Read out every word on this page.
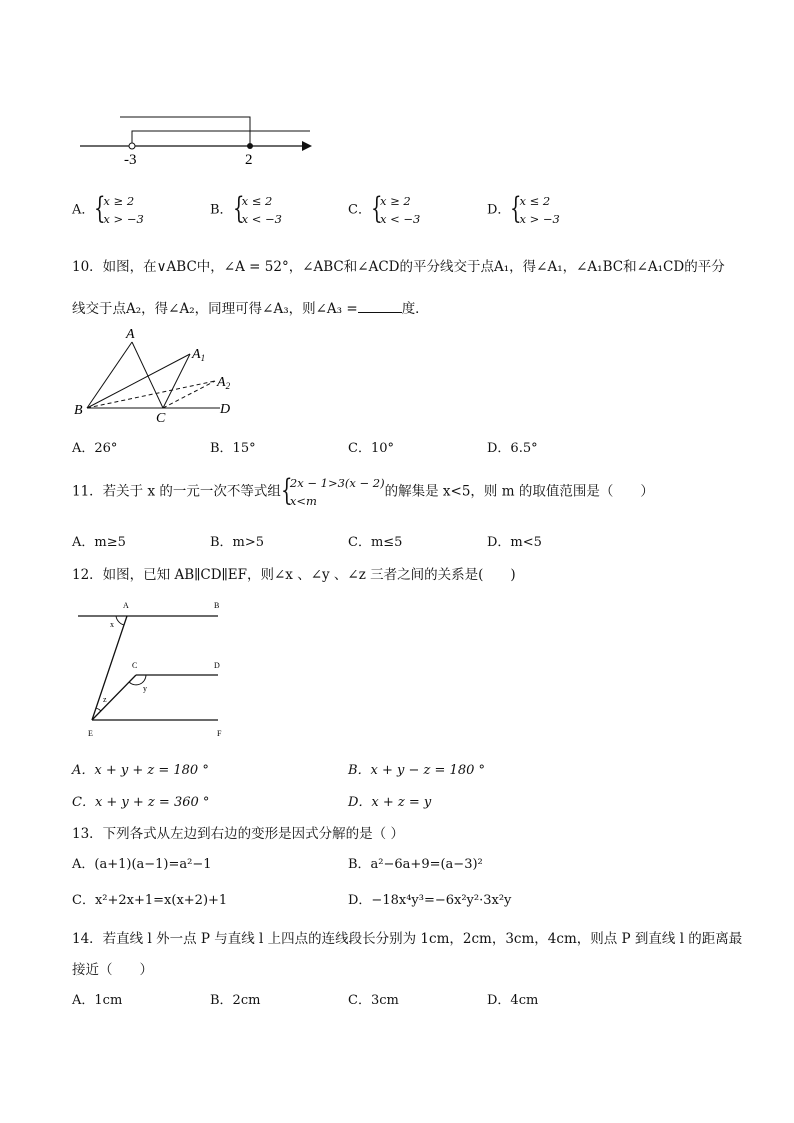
-3	2
A． {
x ≥ 2
x > −3
B． {
x ≤ 2
x < −3
C． {
x ≥ 2
x < −3
D． {
x ≤ 2
x > −3
10．如图，在∨ABC中，∠A = 52°，∠ABC和∠ACD的平分线交于点A₁，得∠A₁，∠A₁BC和∠A₁CD的平分
线交于点A₂，得∠A₂，同理可得∠A₃，则∠A₃ =	度．
A
$A_1$
$A_2$
B
C
D
A．26°	B．15°	C．10°	D．6.5°
11．若关于 x 的一元一次不等式组 {
2x − 1>3(x − 2)
x<m
的解集是 x<5，则 m 的取值范围是（　　）
A．m≥5	B．m>5	C．m≤5	D．m<5
12．如图，已知 AB∥CD∥EF，则∠x 、∠y 、∠z 三者之间的关系是(　　)
A	B
C	D
E	F
x
y
z
A．x + y + z = 180 °	B．x + y − z = 180 °
C．x + y + z = 360 °	D．x + z = y
13．下列各式从左边到右边的变形是因式分解的是（ ）
A．(a+1)(a−1)=a²−1	B．a²−6a+9=(a−3)²
C．x²+2x+1=x(x+2)+1	D．−18x⁴y³=−6x²y²·3x²y
14．若直线 l 外一点 P 与直线 l 上四点的连线段长分别为 1cm，2cm，3cm，4cm，则点 P 到直线 l 的距离最
接近（　　）
A．1cm	B．2cm	C．3cm	D．4cm
